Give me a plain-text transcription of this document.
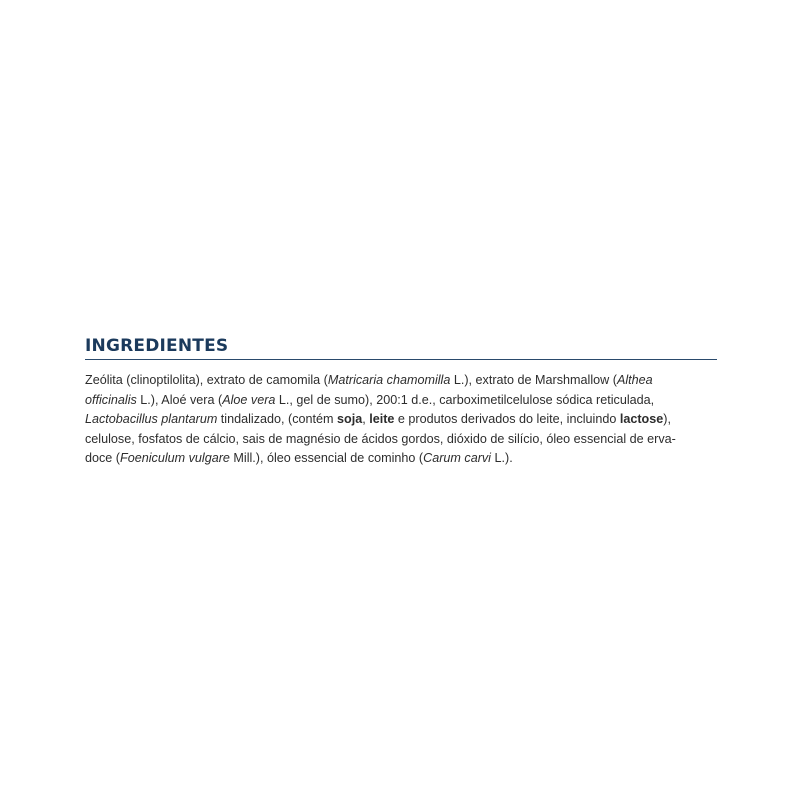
INGREDIENTES

Zeólita (clinoptilolita), extrato de camomila (Matricaria chamomilla L.), extrato de Marshmallow (Althea
officinalis L.), Aloé vera (Aloe vera L., gel de sumo), 200:1 d.e., carboximetilcelulose sódica reticulada,
Lactobacillus plantarum tindalizado, (contém soja, leite e produtos derivados do leite, incluindo lactose),
celulose, fosfatos de cálcio, sais de magnésio de ácidos gordos, dióxido de silício, óleo essencial de erva-
doce (Foeniculum vulgare Mill.), óleo essencial de cominho (Carum carvi L.).
